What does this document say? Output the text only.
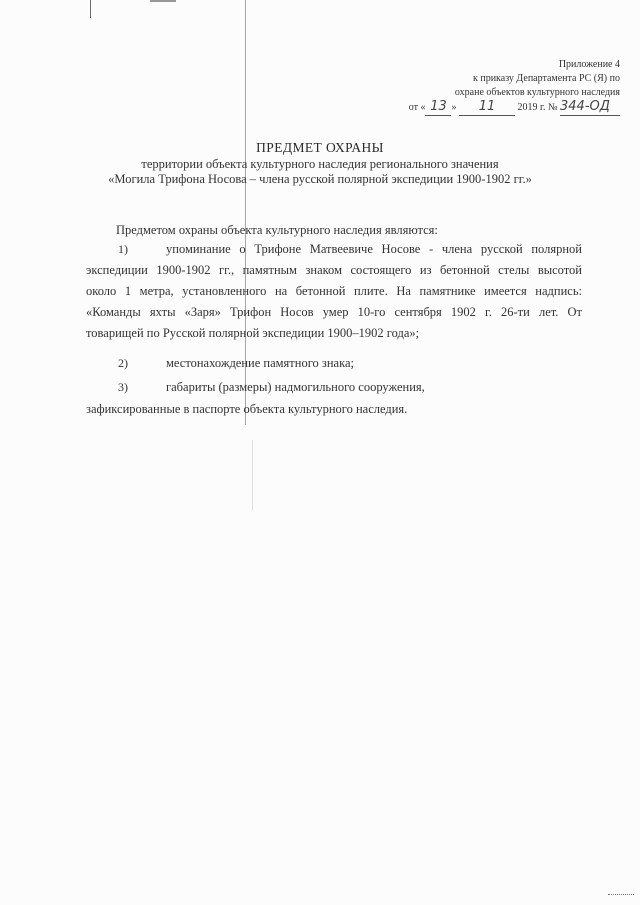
Приложение 4
к приказу Департамента РС (Я) по
охране объектов культурного наследия
от « 13 » 11 2019 г. № 344-ОД
ПРЕДМЕТ ОХРАНЫ
территории объекта культурного наследия регионального значения
«Могила Трифона Носова – члена русской полярной экспедиции 1900-1902 гг.»
Предметом охраны объекта культурного наследия являются:
1)	упоминание о Трифоне Матвеевиче Носове - члена русской полярной
экспедиции 1900-1902 гг., памятным знаком состоящего из бетонной стелы высотой
около 1 метра, установленного на бетонной плите. На памятнике имеется надпись:
«Команды яхты «Заря» Трифон Носов умер 10-го сентября 1902 г. 26-ти лет. От
товарищей по Русской полярной экспедиции 1900–1902 года»;
2)	местонахождение памятного знака;
3)	габариты (размеры) надмогильного сооружения,
зафиксированные в паспорте объекта культурного наследия.
